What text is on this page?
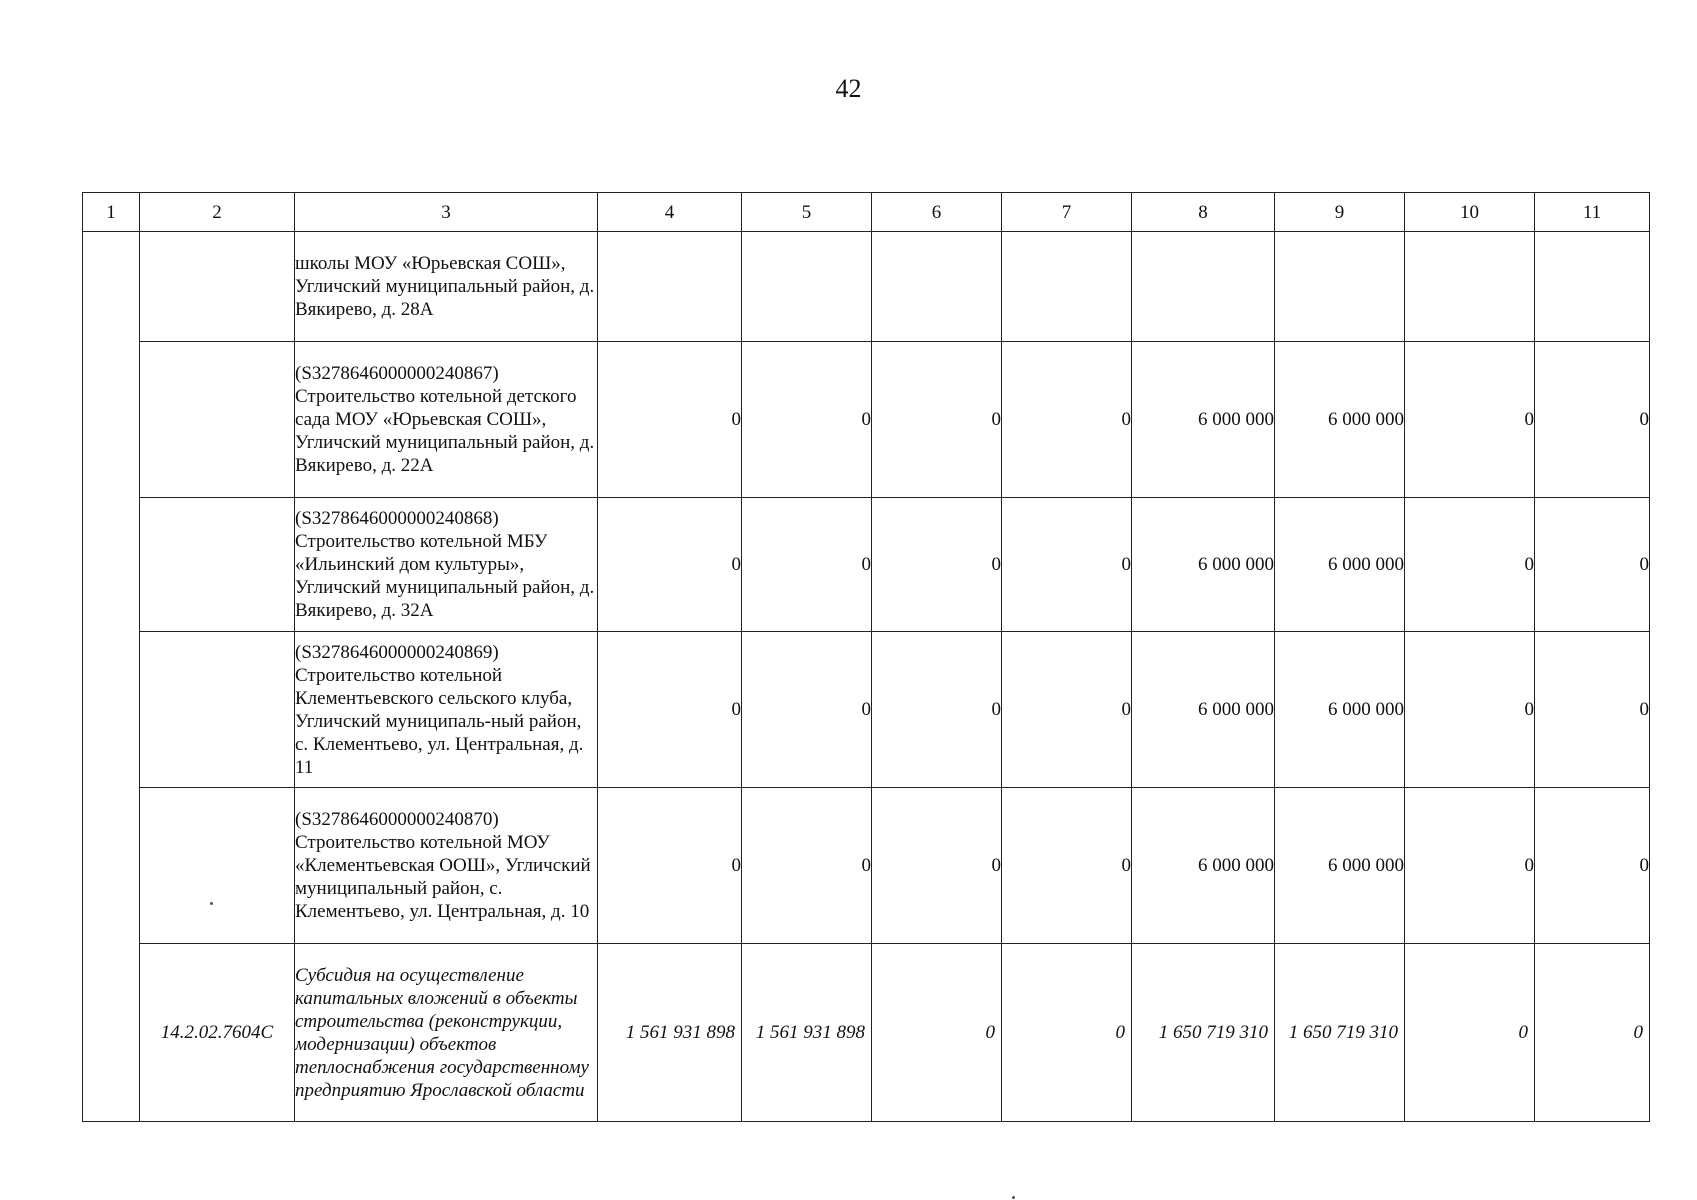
42
1	2	3	4	5	6	7	8	9	10	11
		школы МОУ «Юрьевская СОШ», Угличский муниципальный район, д. Вякирево, д. 28А								
		(S3278646000000240867) Строительство котельной детского сада МОУ «Юрьевская СОШ», Угличский муниципальный район, д. Вякирево, д. 22А	0	0	0	0	6 000 000	6 000 000	0	0
		(S3278646000000240868) Строительство котельной МБУ «Ильинский дом культуры», Угличский муниципальный район, д. Вякирево, д. 32А	0	0	0	0	6 000 000	6 000 000	0	0
		(S3278646000000240869) Строительство котельной Клементьевского сельского клуба, Угличский муниципаль-ный район, с. Клементьево, ул. Центральная, д. 11	0	0	0	0	6 000 000	6 000 000	0	0
		(S3278646000000240870) Строительство котельной МОУ «Клементьевская ООШ», Угличский муниципальный район, с. Клементьево, ул. Центральная, д. 10	0	0	0	0	6 000 000	6 000 000	0	0
	14.2.02.7604С	Субсидия на осуществление капитальных вложений в объекты строительства (реконструкции, модернизации) объектов теплоснабжения государственному предприятию Ярославской области	1 561 931 898	1 561 931 898	0	0	1 650 719 310	1 650 719 310	0	0
